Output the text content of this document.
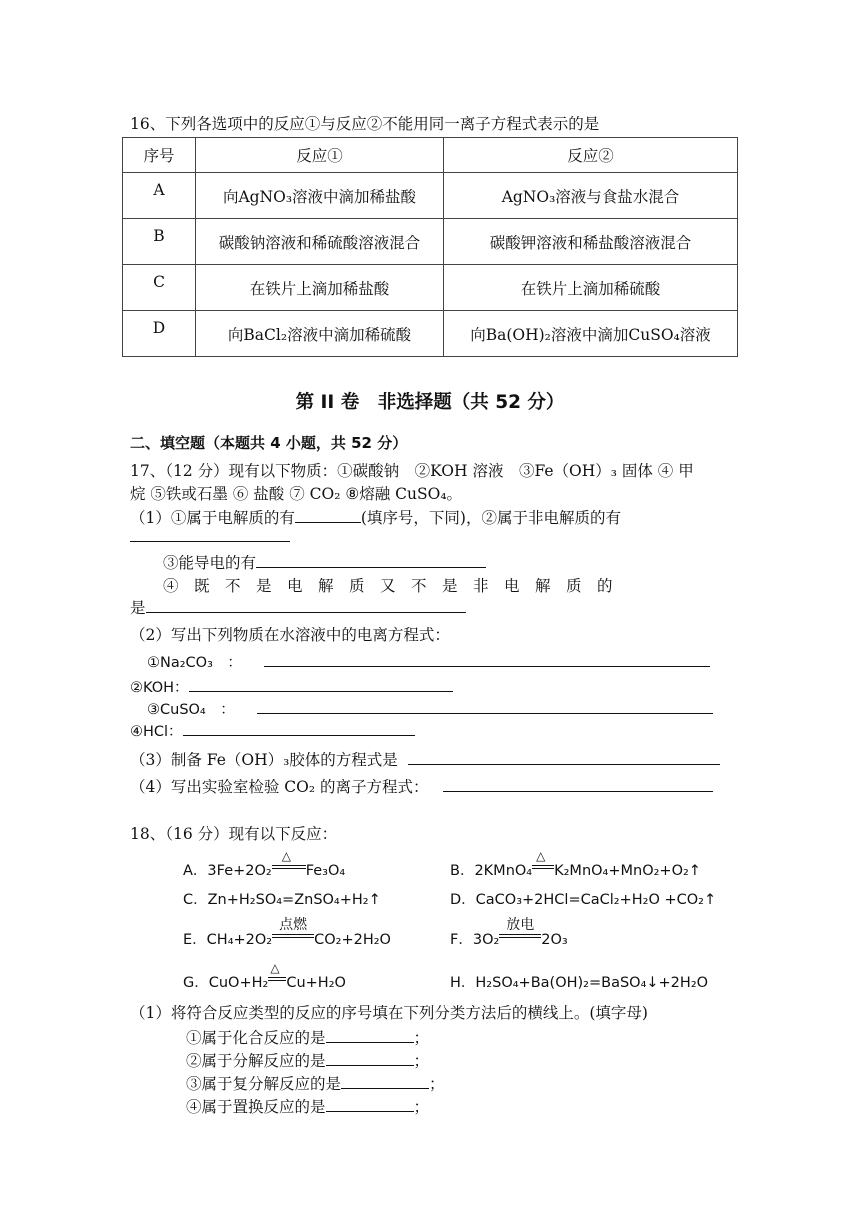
16、下列各选项中的反应①与反应②不能用同一离子方程式表示的是
序号	反应①	反应②
A	向AgNO₃溶液中滴加稀盐酸	AgNO₃溶液与食盐水混合
B	碳酸钠溶液和稀硫酸溶液混合	碳酸钾溶液和稀盐酸溶液混合
C	在铁片上滴加稀盐酸	在铁片上滴加稀硫酸
D	向BaCl₂溶液中滴加稀硫酸	向Ba(OH)₂溶液中滴加CuSO₄溶液
第 II 卷　非选择题（共 52 分）
二、填空题（本题共 4 小题，共 52 分）
17、（12 分）现有以下物质：①碳酸钠　②KOH 溶液　③Fe（OH）₃ 固体 ④ 甲
烷 ⑤铁或石墨 ⑥ 盐酸 ⑦ CO₂ ⑧熔融 CuSO₄。
（1）①属于电解质的有	(填序号，下同)，②属于非电解质的有
③能导电的有
④　既　不　是　电　解　质　又　不　是　非　电　解　质　的
是
（2）写出下列物质在水溶液中的电离方程式：
①Na₂CO₃　：
②KOH：
③CuSO₄　：
④HCl：
（3）制备 Fe（OH）₃胶体的方程式是
（4）写出实验室检验 CO₂ 的离子方程式：
18、（16 分）现有以下反应：
A．3Fe+2O₂
△
Fe₃O₄	B．2KMnO₄
△
K₂MnO₄+MnO₂+O₂↑
C．Zn+H₂SO₄=ZnSO₄+H₂↑	D．CaCO₃+2HCl=CaCl₂+H₂O +CO₂↑
E．CH₄+2O₂
点燃
CO₂+2H₂O	F．3O₂
放电
2O₃
G．CuO+H₂
△
Cu+H₂O	H．H₂SO₄+Ba(OH)₂=BaSO₄↓+2H₂O
（1）将符合反应类型的反应的序号填在下列分类方法后的横线上。(填字母)
①属于化合反应的是	；
②属于分解反应的是	；
③属于复分解反应的是	；
④属于置换反应的是	；
